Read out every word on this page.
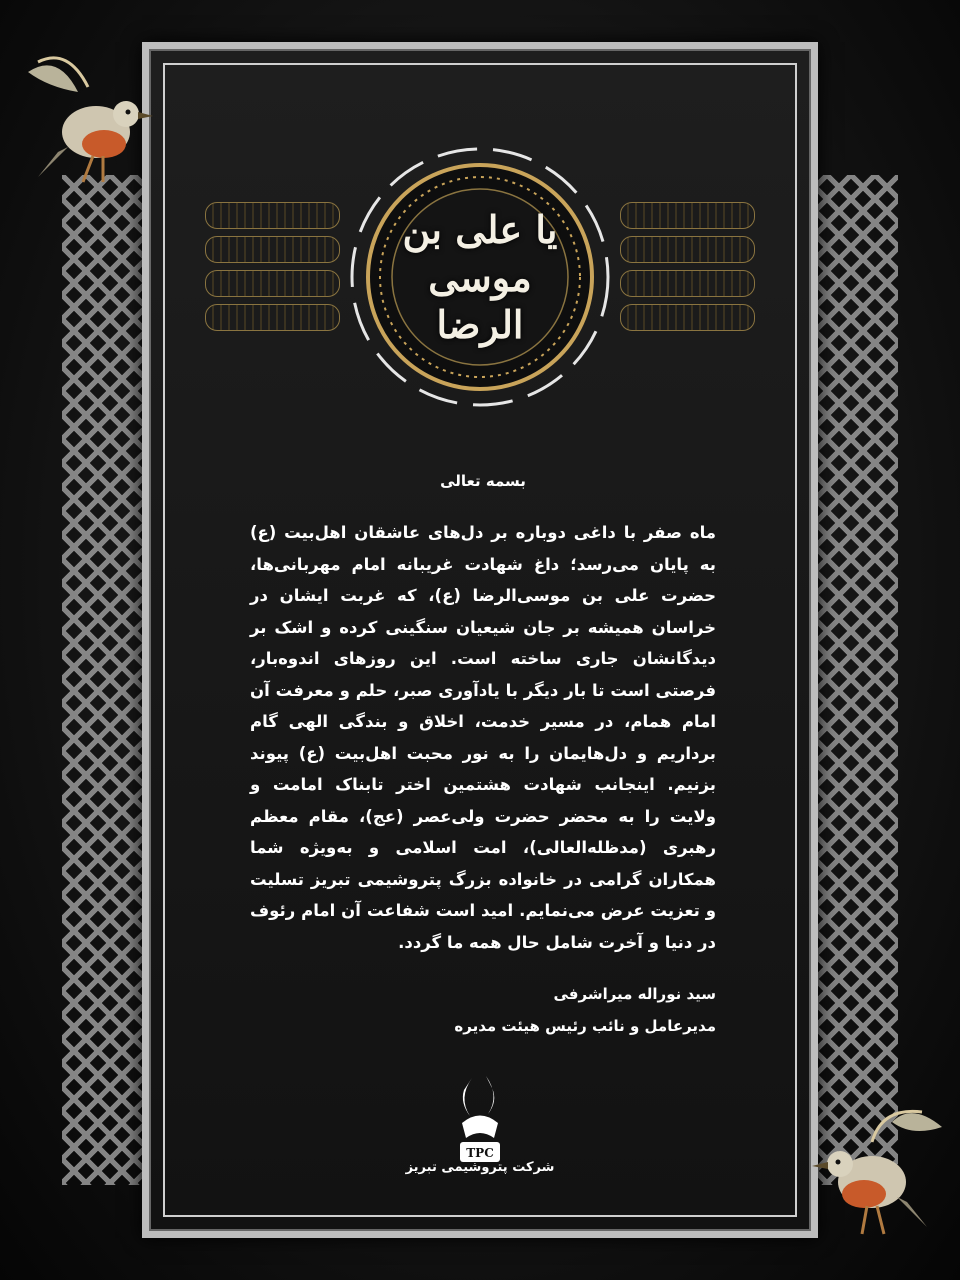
یا علی بن موسی
الرضا
بسمه تعالی
ماه صفر با داغی دوباره بر دل‌های عاشقان اهل‌بیت (ع) به پایان می‌رسد؛ داغ شهادت غریبانه امام مهربانی‌ها، حضرت علی بن موسی‌الرضا (ع)، که غربت ایشان در خراسان همیشه بر جان شیعیان سنگینی کرده و اشک بر دیدگانشان جاری ساخته است. این روزهای اندوه‌بار، فرصتی است تا بار دیگر با یادآوری صبر، حلم و معرفت آن امام همام، در مسیر خدمت، اخلاق و بندگی الهی گام برداریم و دل‌هایمان را به نور محبت اهل‌بیت (ع) پیوند بزنیم. اینجانب شهادت هشتمین اختر تابناک امامت و ولایت را به محضر حضرت ولی‌عصر (عج)، مقام معظم رهبری (مدظله‌العالی)، امت اسلامی و به‌ویژه شما همکاران گرامی در خانواده بزرگ پتروشیمی تبریز تسلیت و تعزیت عرض می‌نمایم. امید است شفاعت آن امام رئوف در دنیا و آخرت شامل حال همه ما گردد.
سید نوراله میراشرفی
مدیرعامل و نائب رئیس هیئت مدیره
TPC
شرکت پتروشیمی تبریز
